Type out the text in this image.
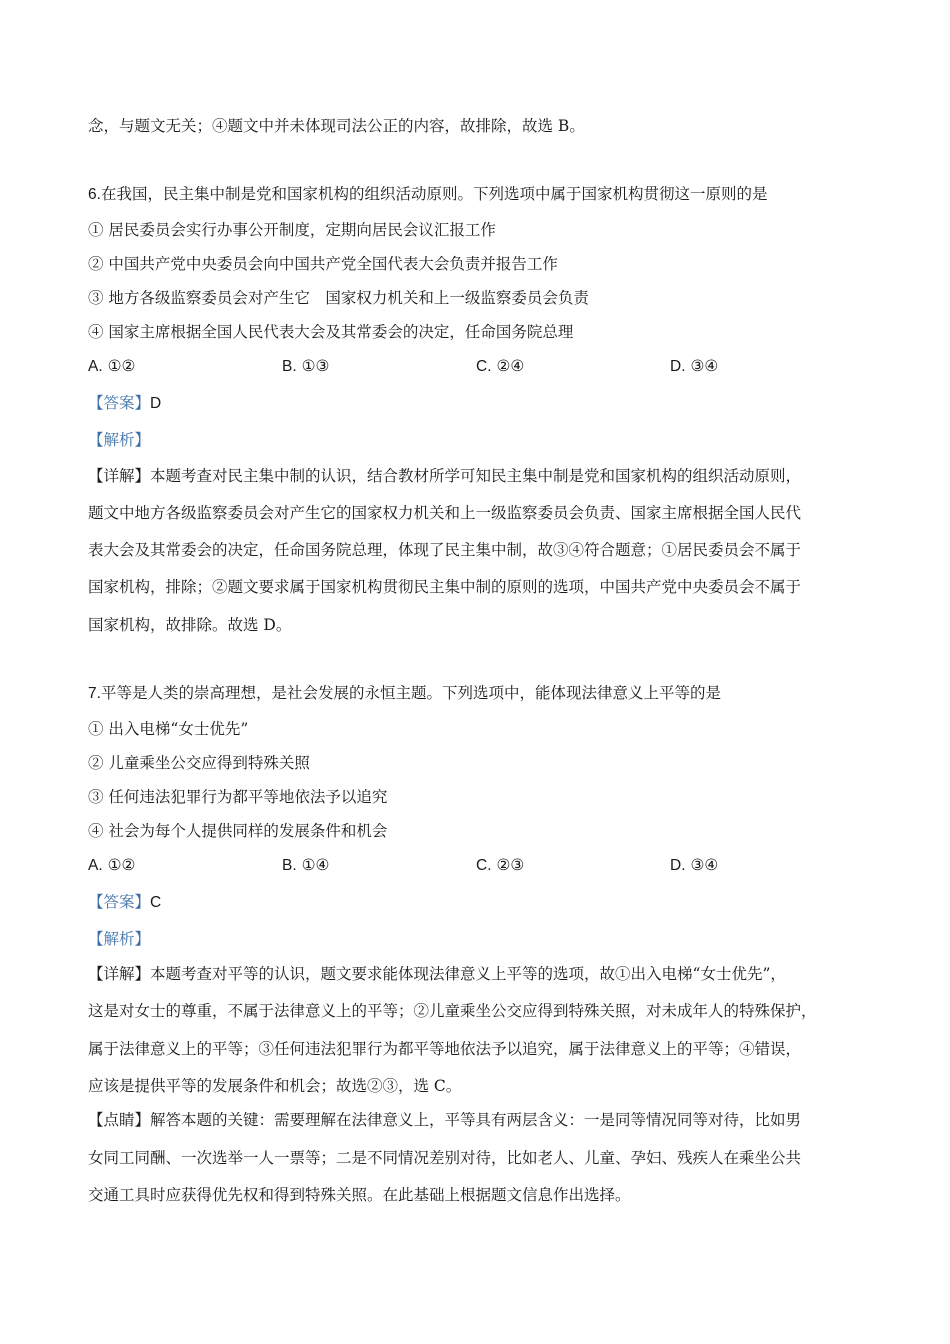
念，与题文无关；④题文中并未体现司法公正的内容，故排除，故选 B。
6.在我国，民主集中制是党和国家机构的组织活动原则。下列选项中属于国家机构贯彻这一原则的是
① 居民委员会实行办事公开制度，定期向居民会议汇报工作
② 中国共产党中央委员会向中国共产党全国代表大会负责并报告工作
③ 地方各级监察委员会对产生它　国家权力机关和上一级监察委员会负责
④ 国家主席根据全国人民代表大会及其常委会的决定，任命国务院总理
A. ①②	B. ①③	C. ②④	D. ③④
【答案】D
【解析】
【详解】本题考查对民主集中制的认识，结合教材所学可知民主集中制是党和国家机构的组织活动原则，
题文中地方各级监察委员会对产生它的国家权力机关和上一级监察委员会负责、国家主席根据全国人民代
表大会及其常委会的决定，任命国务院总理，体现了民主集中制，故③④符合题意；①居民委员会不属于
国家机构，排除；②题文要求属于国家机构贯彻民主集中制的原则的选项，中国共产党中央委员会不属于
国家机构，故排除。故选 D。
7.平等是人类的崇高理想，是社会发展的永恒主题。下列选项中，能体现法律意义上平等的是
① 出入电梯“女士优先”
② 儿童乘坐公交应得到特殊关照
③ 任何违法犯罪行为都平等地依法予以追究
④ 社会为每个人提供同样的发展条件和机会
A. ①②	B. ①④	C. ②③	D. ③④
【答案】C
【解析】
【详解】本题考查对平等的认识，题文要求能体现法律意义上平等的选项，故①出入电梯“女士优先”，
这是对女士的尊重，不属于法律意义上的平等；②儿童乘坐公交应得到特殊关照，对未成年人的特殊保护，
属于法律意义上的平等；③任何违法犯罪行为都平等地依法予以追究，属于法律意义上的平等；④错误，
应该是提供平等的发展条件和机会；故选②③，选 C。
【点睛】解答本题的关键：需要理解在法律意义上，平等具有两层含义：一是同等情况同等对待，比如男
女同工同酬、一次选举一人一票等；二是不同情况差别对待，比如老人、儿童、孕妇、残疾人在乘坐公共
交通工具时应获得优先权和得到特殊关照。在此基础上根据题文信息作出选择。
